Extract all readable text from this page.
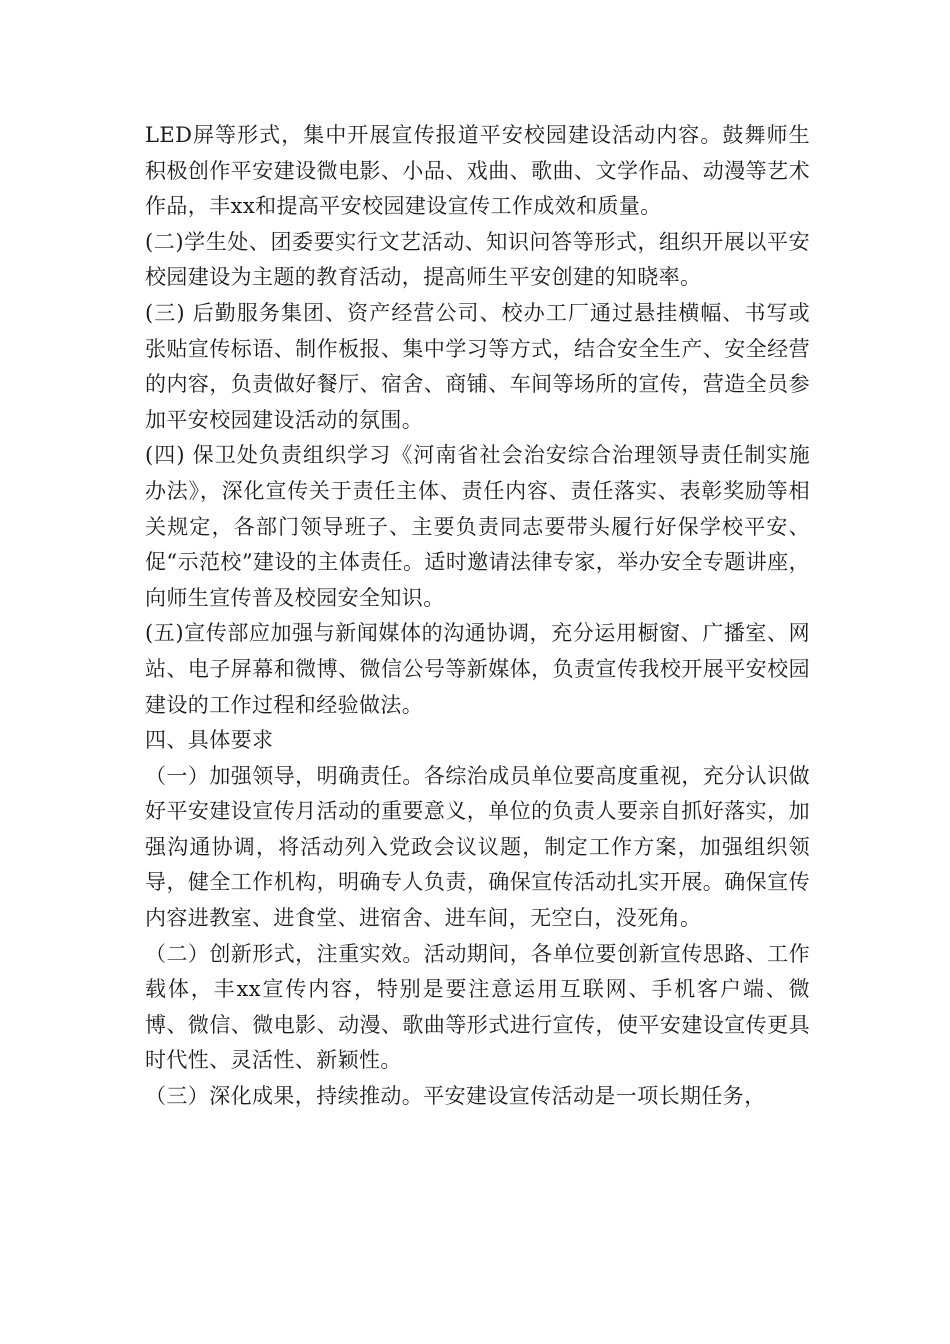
LED屏等形式，集中开展宣传报道平安校园建设活动内容。鼓舞师生积极创作平安建设微电影、小品、戏曲、歌曲、文学作品、动漫等艺术作品，丰xx和提高平安校园建设宣传工作成效和质量。

(二)学生处、团委要实行文艺活动、知识问答等形式，组织开展以平安校园建设为主题的教育活动，提高师生平安创建的知晓率。

(三) 后勤服务集团、资产经营公司、校办工厂通过悬挂横幅、书写或张贴宣传标语、制作板报、集中学习等方式，结合安全生产、安全经营的内容，负责做好餐厅、宿舍、商铺、车间等场所的宣传，营造全员参加平安校园建设活动的氛围。

(四) 保卫处负责组织学习《河南省社会治安综合治理领导责任制实施办法》，深化宣传关于责任主体、责任内容、责任落实、表彰奖励等相关规定，各部门领导班子、主要负责同志要带头履行好保学校平安、促“示范校”建设的主体责任。适时邀请法律专家，举办安全专题讲座，向师生宣传普及校园安全知识。

(五)宣传部应加强与新闻媒体的沟通协调，充分运用橱窗、广播室、网站、电子屏幕和微博、微信公号等新媒体，负责宣传我校开展平安校园建设的工作过程和经验做法。

四、具体要求

（一）加强领导，明确责任。各综治成员单位要高度重视，充分认识做好平安建设宣传月活动的重要意义，单位的负责人要亲自抓好落实，加强沟通协调，将活动列入党政会议议题，制定工作方案，加强组织领导，健全工作机构，明确专人负责，确保宣传活动扎实开展。确保宣传内容进教室、进食堂、进宿舍、进车间，无空白，没死角。

（二）创新形式，注重实效。活动期间，各单位要创新宣传思路、工作载体，丰xx宣传内容，特别是要注意运用互联网、手机客户端、微博、微信、微电影、动漫、歌曲等形式进行宣传，使平安建设宣传更具时代性、灵活性、新颖性。

（三）深化成果，持续推动。平安建设宣传活动是一项长期任务，
